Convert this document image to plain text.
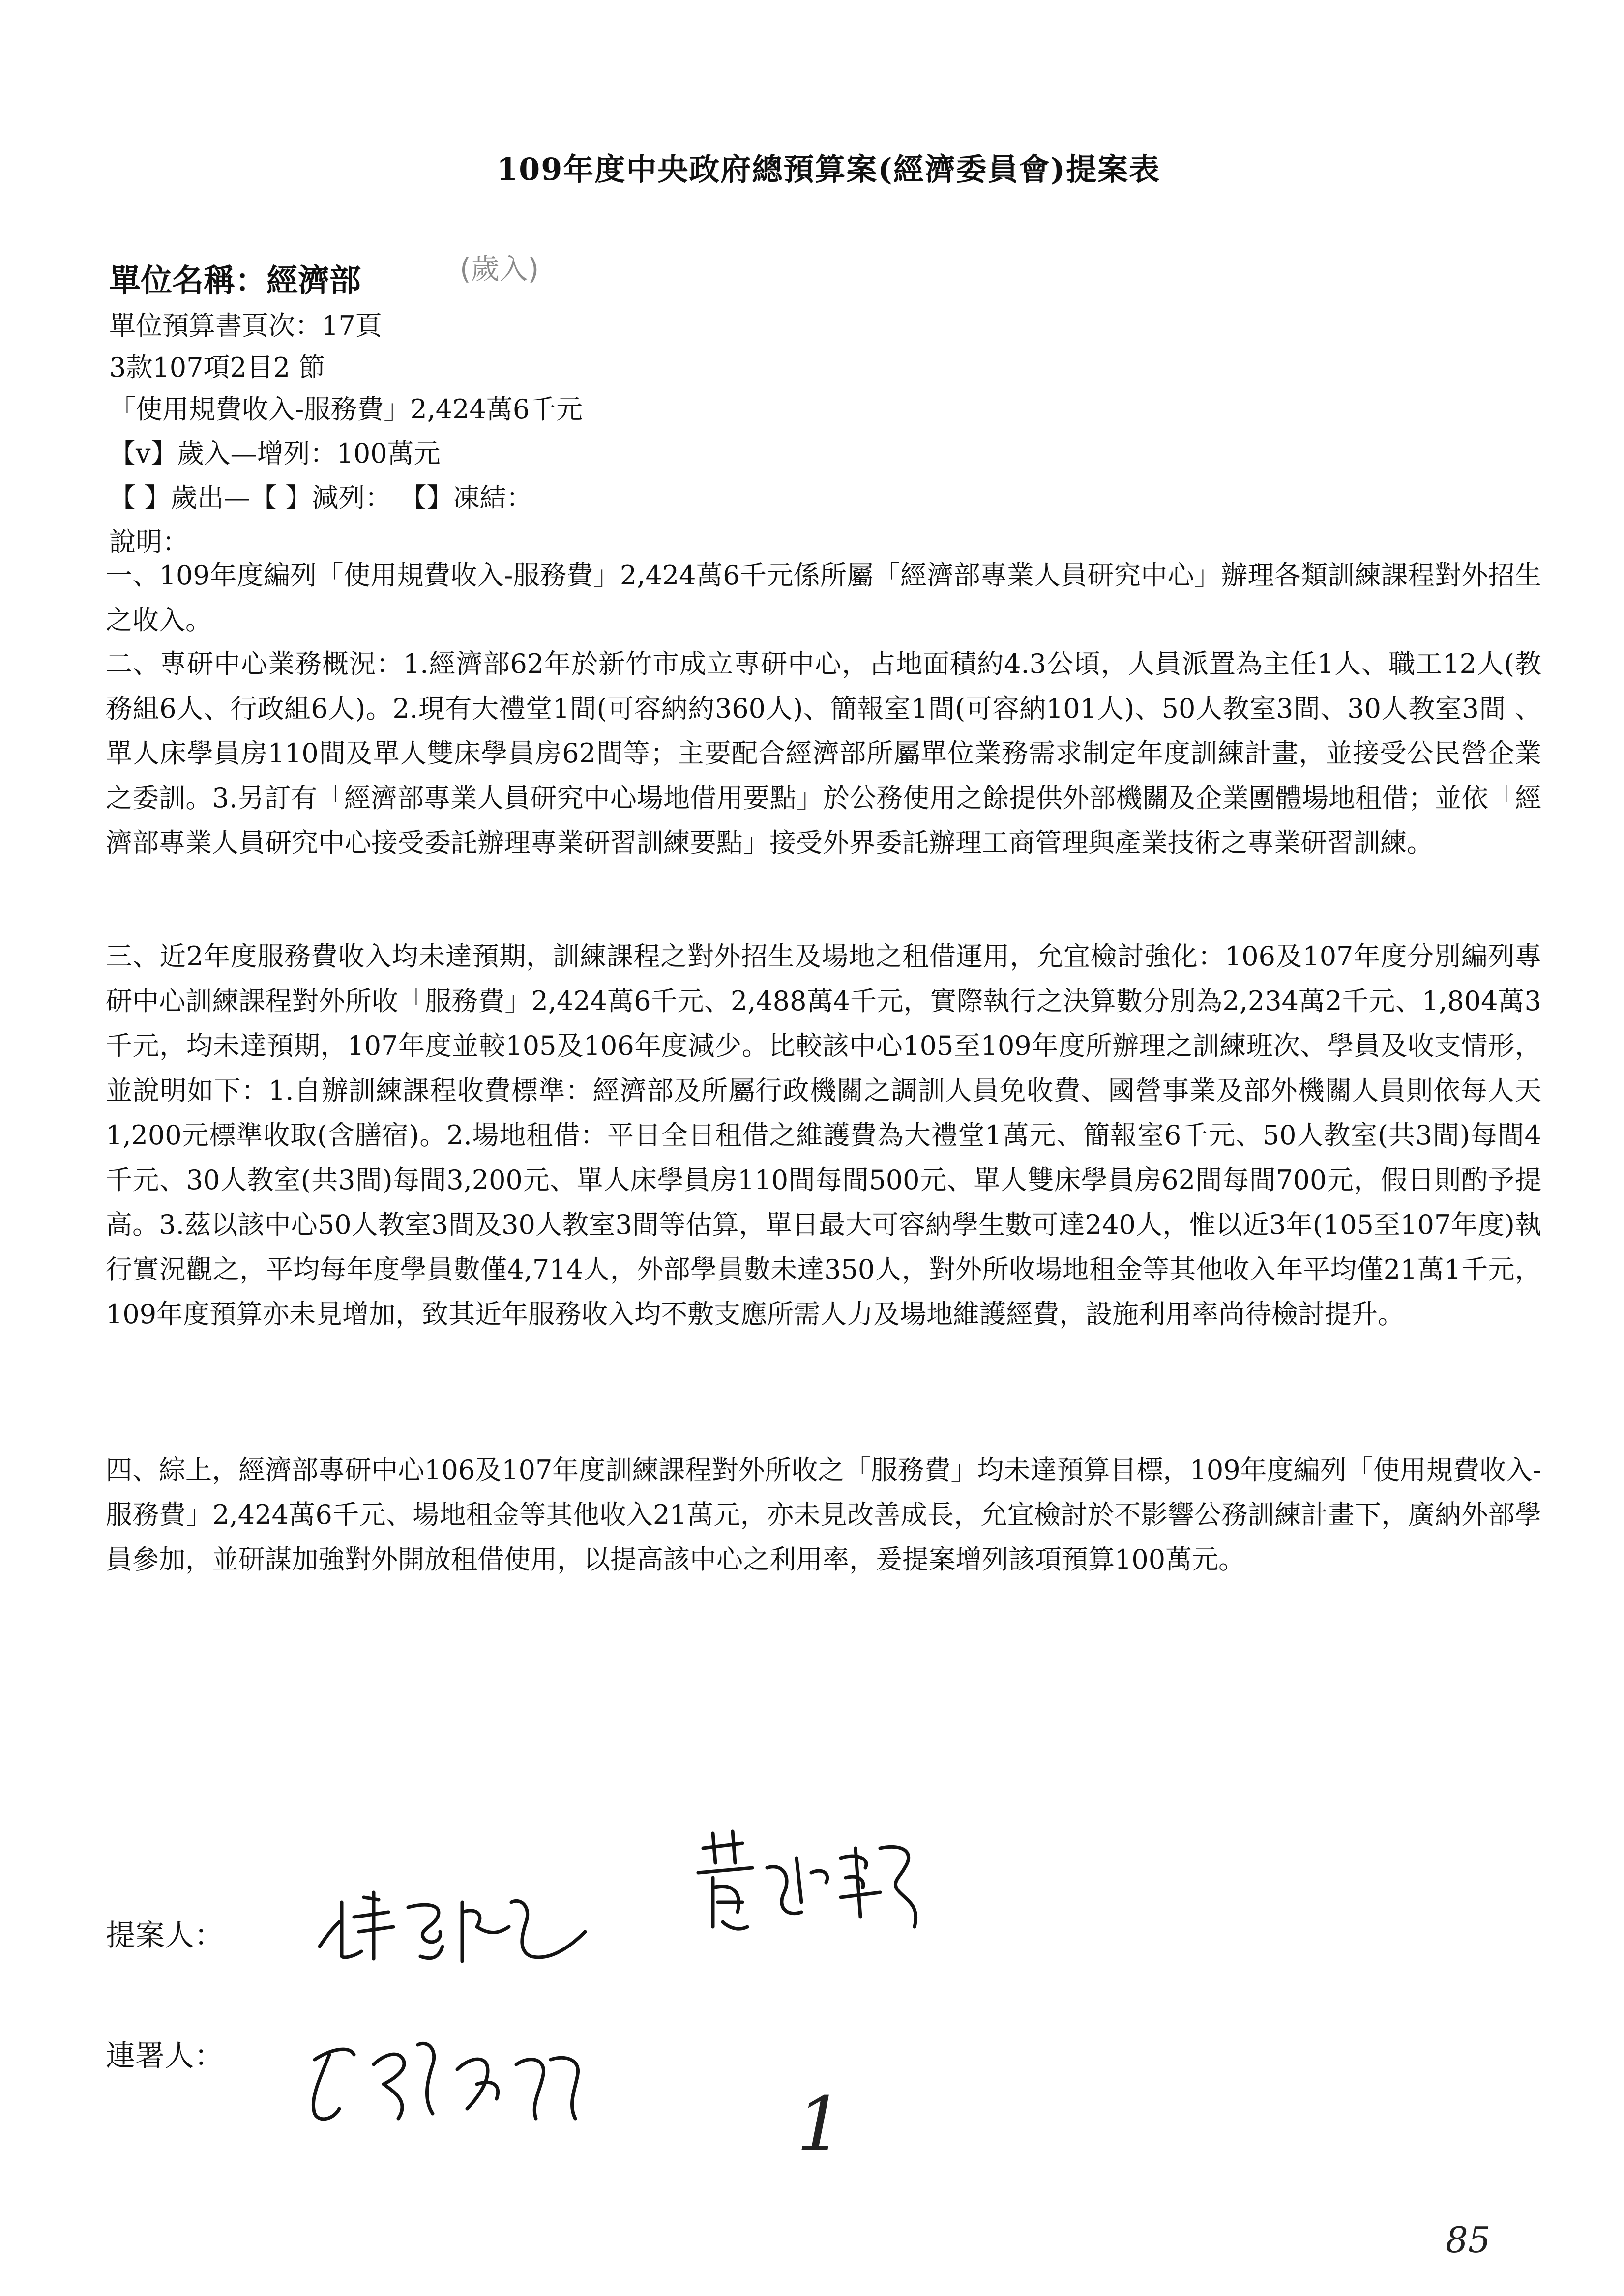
109年度中央政府總預算案(經濟委員會)提案表
單位名稱：經濟部	(歲入)
單位預算書頁次：17頁
3款107項2目2 節
「使用規費收入-服務費」2,424萬6千元
【v】歲入—增列：100萬元
【 】歲出—【 】減列： 【】凍結：
說明：
一、109年度編列「使用規費收入-服務費」2,424萬6千元係所屬「經濟部專業人員研究中心」辦理各類訓練課程對外招生之收入。
二、專研中心業務概況：1.經濟部62年於新竹市成立專研中心，占地面積約4.3公頃，人員派置為主任1人、職工12人(教務組6人、行政組6人)。2.現有大禮堂1間(可容納約360人)、簡報室1間(可容納101人)、50人教室3間、30人教室3間 、單人床學員房110間及單人雙床學員房62間等；主要配合經濟部所屬單位業務需求制定年度訓練計畫，並接受公民營企業之委訓。3.另訂有「經濟部專業人員研究中心場地借用要點」於公務使用之餘提供外部機關及企業團體場地租借；並依「經濟部專業人員研究中心接受委託辦理專業研習訓練要點」接受外界委託辦理工商管理與產業技術之專業研習訓練。
三、近2年度服務費收入均未達預期，訓練課程之對外招生及場地之租借運用，允宜檢討強化：106及107年度分別編列專研中心訓練課程對外所收「服務費」2,424萬6千元、2,488萬4千元，實際執行之決算數分別為2,234萬2千元、1,804萬3千元，均未達預期，107年度並較105及106年度減少。比較該中心105至109年度所辦理之訓練班次、學員及收支情形，並說明如下：1.自辦訓練課程收費標準：經濟部及所屬行政機關之調訓人員免收費、國營事業及部外機關人員則依每人天1,200元標準收取(含膳宿)。2.場地租借：平日全日租借之維護費為大禮堂1萬元、簡報室6千元、50人教室(共3間)每間4千元、30人教室(共3間)每間3,200元、單人床學員房110間每間500元、單人雙床學員房62間每間700元，假日則酌予提高。3.茲以該中心50人教室3間及30人教室3間等估算，單日最大可容納學生數可達240人，惟以近3年(105至107年度)執行實況觀之，平均每年度學員數僅4,714人，外部學員數未達350人，對外所收場地租金等其他收入年平均僅21萬1千元，109年度預算亦未見增加，致其近年服務收入均不敷支應所需人力及場地維護經費，設施利用率尚待檢討提升。
四、綜上，經濟部專研中心106及107年度訓練課程對外所收之「服務費」均未達預算目標，109年度編列「使用規費收入-服務費」2,424萬6千元、場地租金等其他收入21萬元，亦未見改善成長，允宜檢討於不影響公務訓練計畫下，廣納外部學員參加，並研謀加強對外開放租借使用，以提高該中心之利用率，爰提案增列該項預算100萬元。
提案人：
連署人：
1
85
